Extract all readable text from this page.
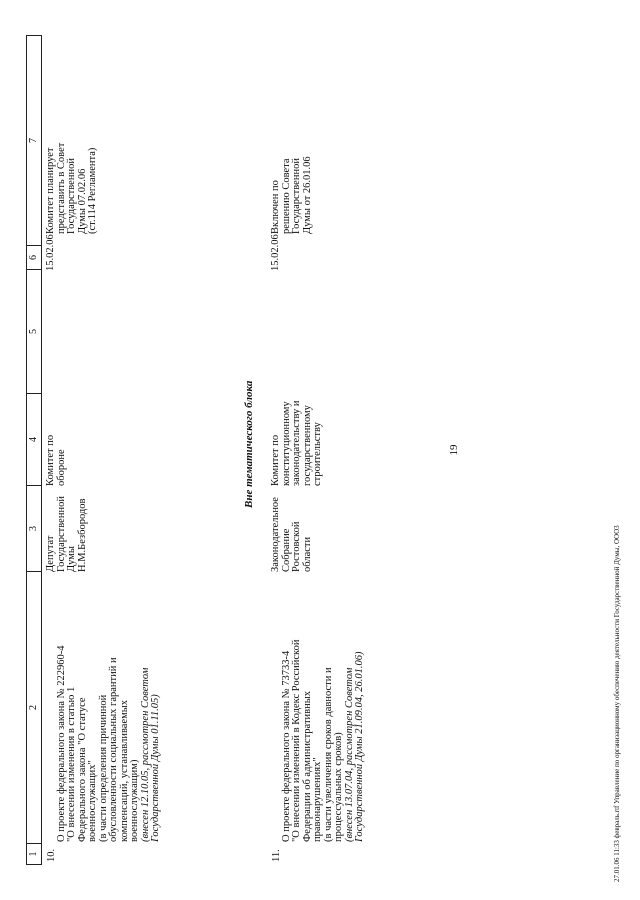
19
1
2
3
4
5
6
7
10.

О проекте федерального закона № 222960-4
"О внесении изменения в статью 1
Федерального закона "О статусе
военнослужащих"
(в части определения причинной
обусловленности социальных гарантий и
компенсаций, устанавливаемых
военнослужащим) (внесен 12.10.05, рассмотрен Советом
Государственной Думы 01.11.05)

Депутат
Государственной
Думы
Н.М.Безбородов
Комитет по
обороне
15.02.06
Комитет планирует
представить в Совет
Государственной
Думы 07.02.06
(ст.114 Регламента)
Вне тематического блока
11.

О проекте федерального закона № 73733-4
"О внесении изменений в Кодекс Российской
Федерации об административных
правонарушениях"
(в части увеличения сроков давности и
процессуальных сроков)

(внесен 13.07.04, рассмотрен Советом
Государственной Думы 21.09.04, 26.01.06)

Законодательное
Собрание Ростовской
области
Комитет по
конституционному
законодательству и
государственному
строительству
15.02.06
Включен по
решению Совета
Государственной
Думы от 26.01.06
27.01.06 11:33 февраль.rtf Управление по организационному обеспечению деятельности Государственной Думы, ООО3
